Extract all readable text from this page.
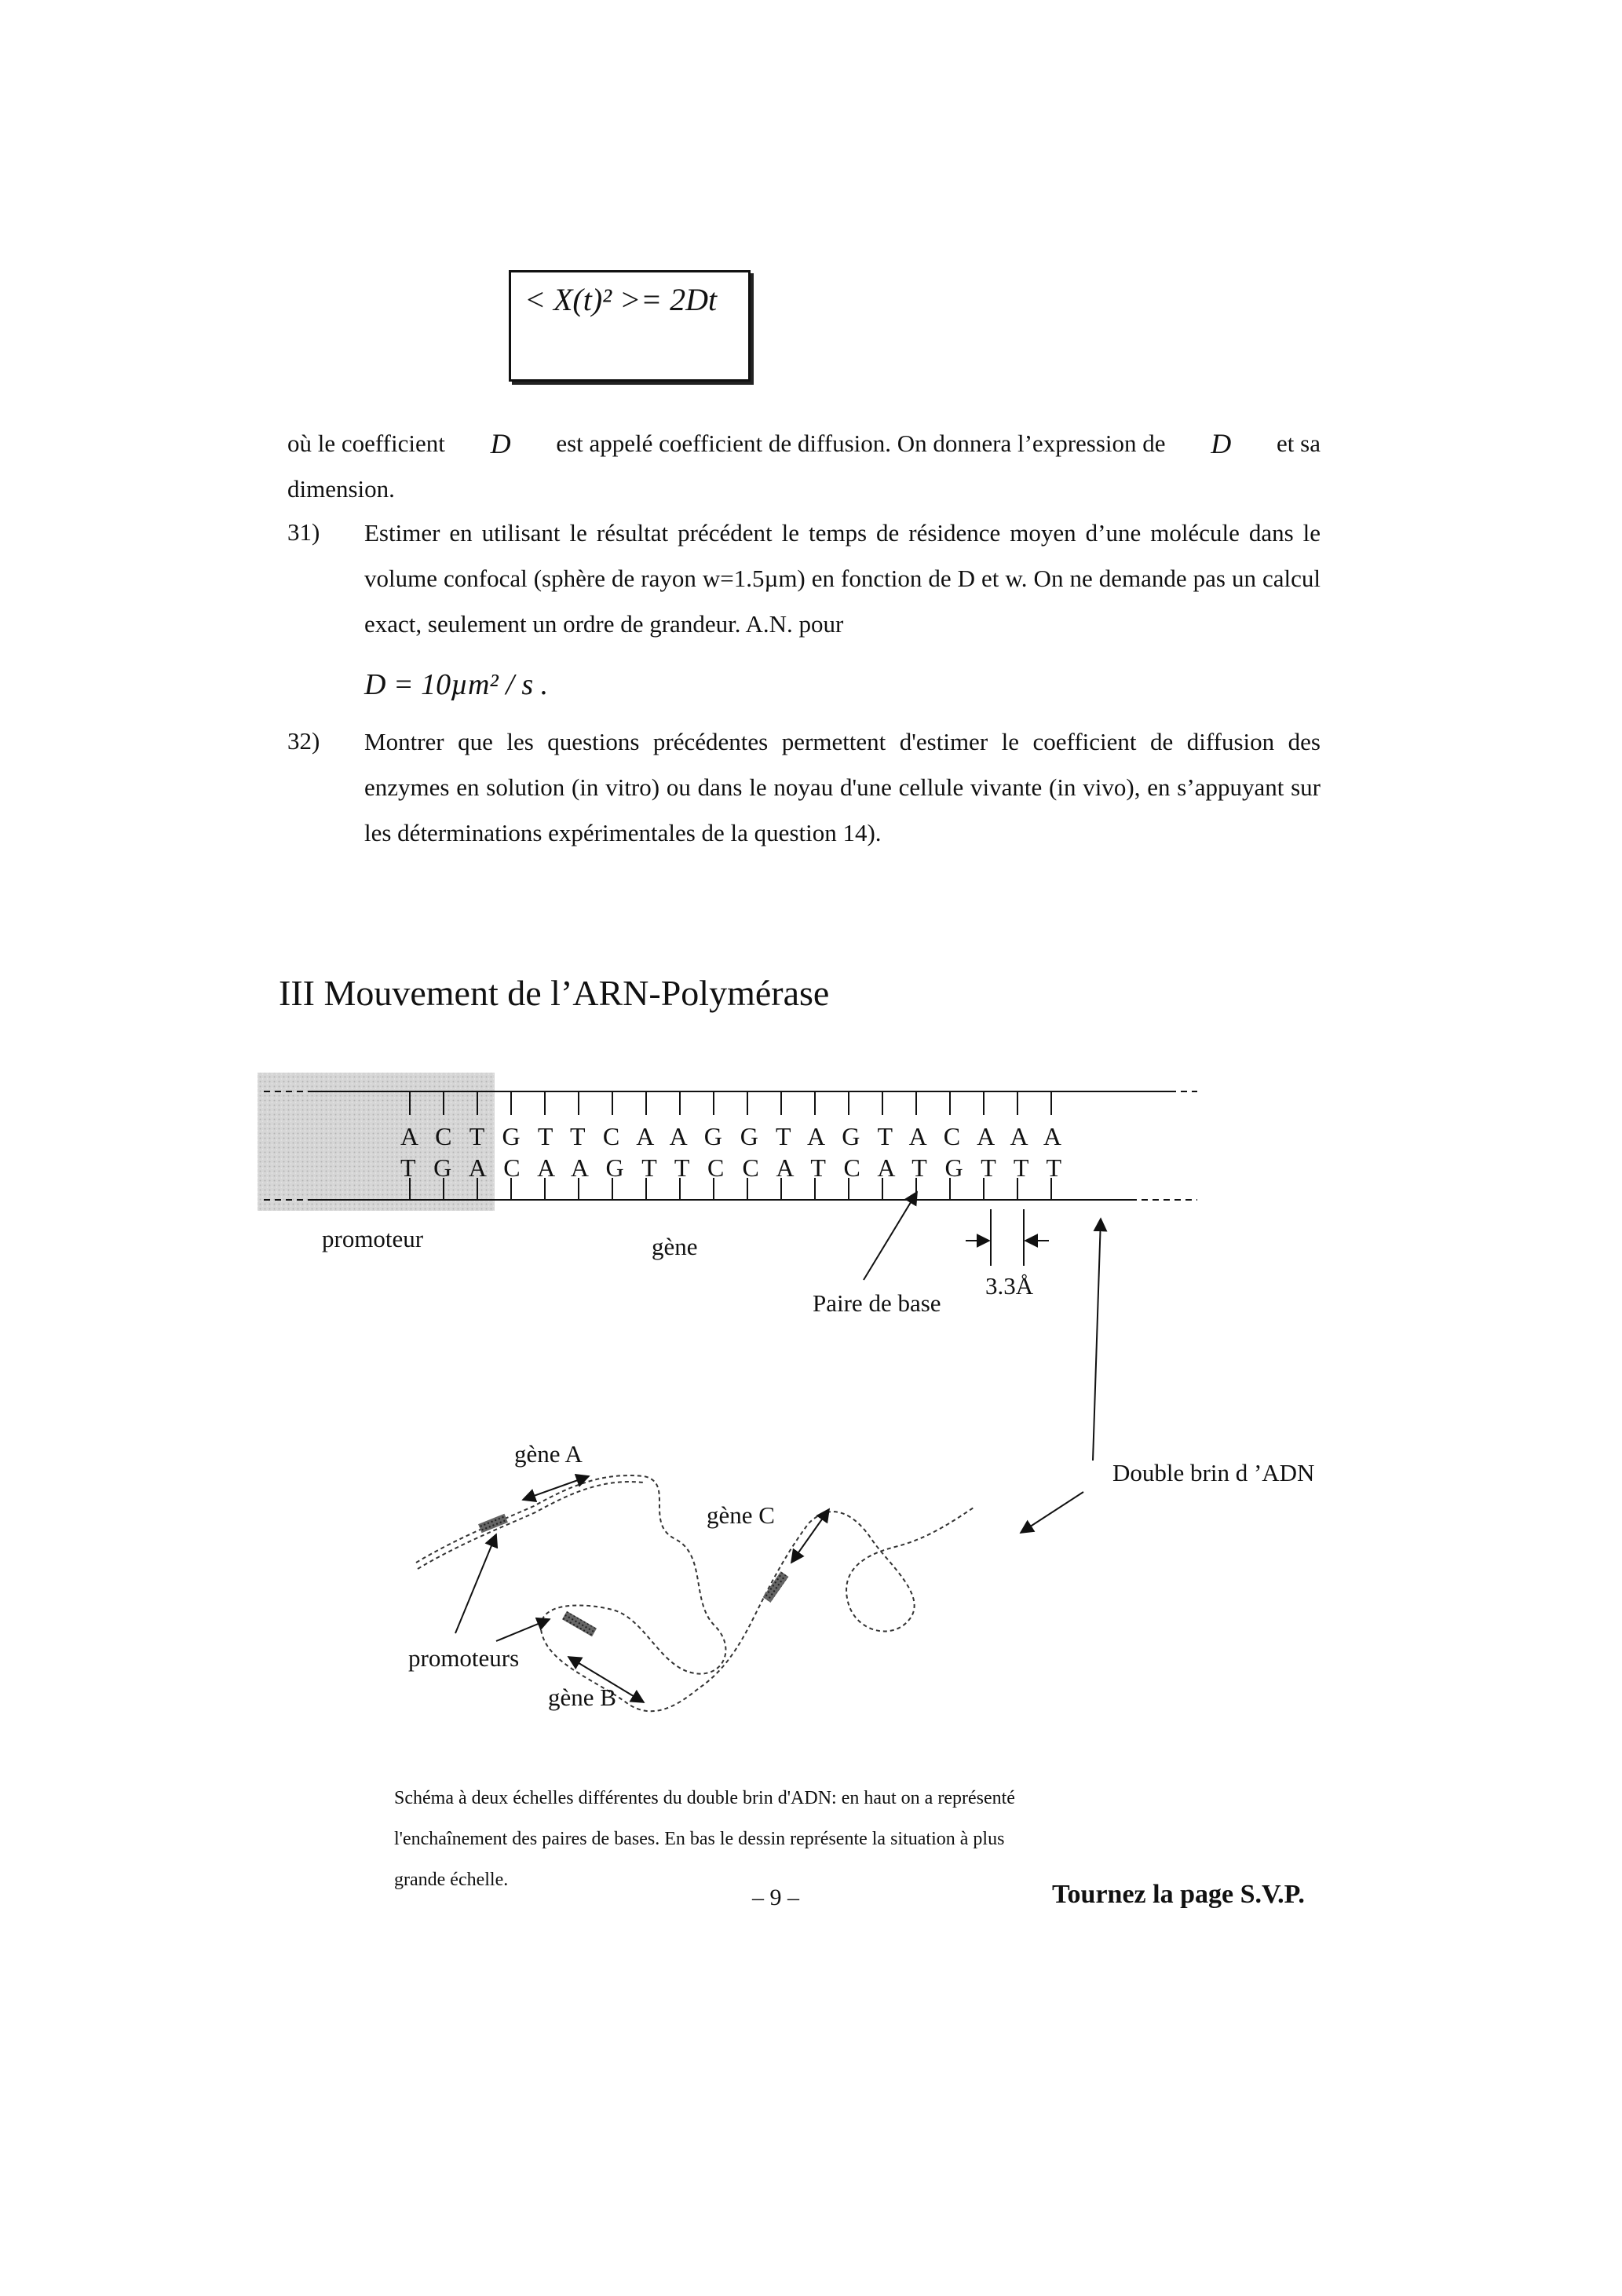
< X(t)² >= 2Dt
où le coefficient D est appelé coefficient de diffusion. On donnera l’expression de D et sa
dimension.
31) Estimer en utilisant le résultat précédent le temps de résidence moyen d’une molécule dans le volume confocal (sphère de rayon w=1.5µm) en fonction de D et w. On ne demande pas un calcul exact, seulement un ordre de grandeur. A.N. pour
D = 10µm² / s .
32) Montrer que les questions précédentes permettent d'estimer le coefficient de diffusion des enzymes en solution (in vitro) ou dans le noyau d'une cellule vivante (in vivo), en s’appuyant sur les déterminations expérimentales de la question 14).
III Mouvement de l’ARN-Polymérase
A C T G T T C A A G G T A G T A C A A A
T G A C A A G T T C C A T C A T G T T T
promoteur	gène
Paire de base
3.3Å
gène A
gène C
gène B
promoteurs
Double brin d ’ADN
Schéma à deux échelles différentes du double brin d'ADN: en haut on a représenté
l'enchaînement des paires de bases. En bas le dessin représente la situation à plus
grande échelle.
– 9 –	Tournez la page S.V.P.
